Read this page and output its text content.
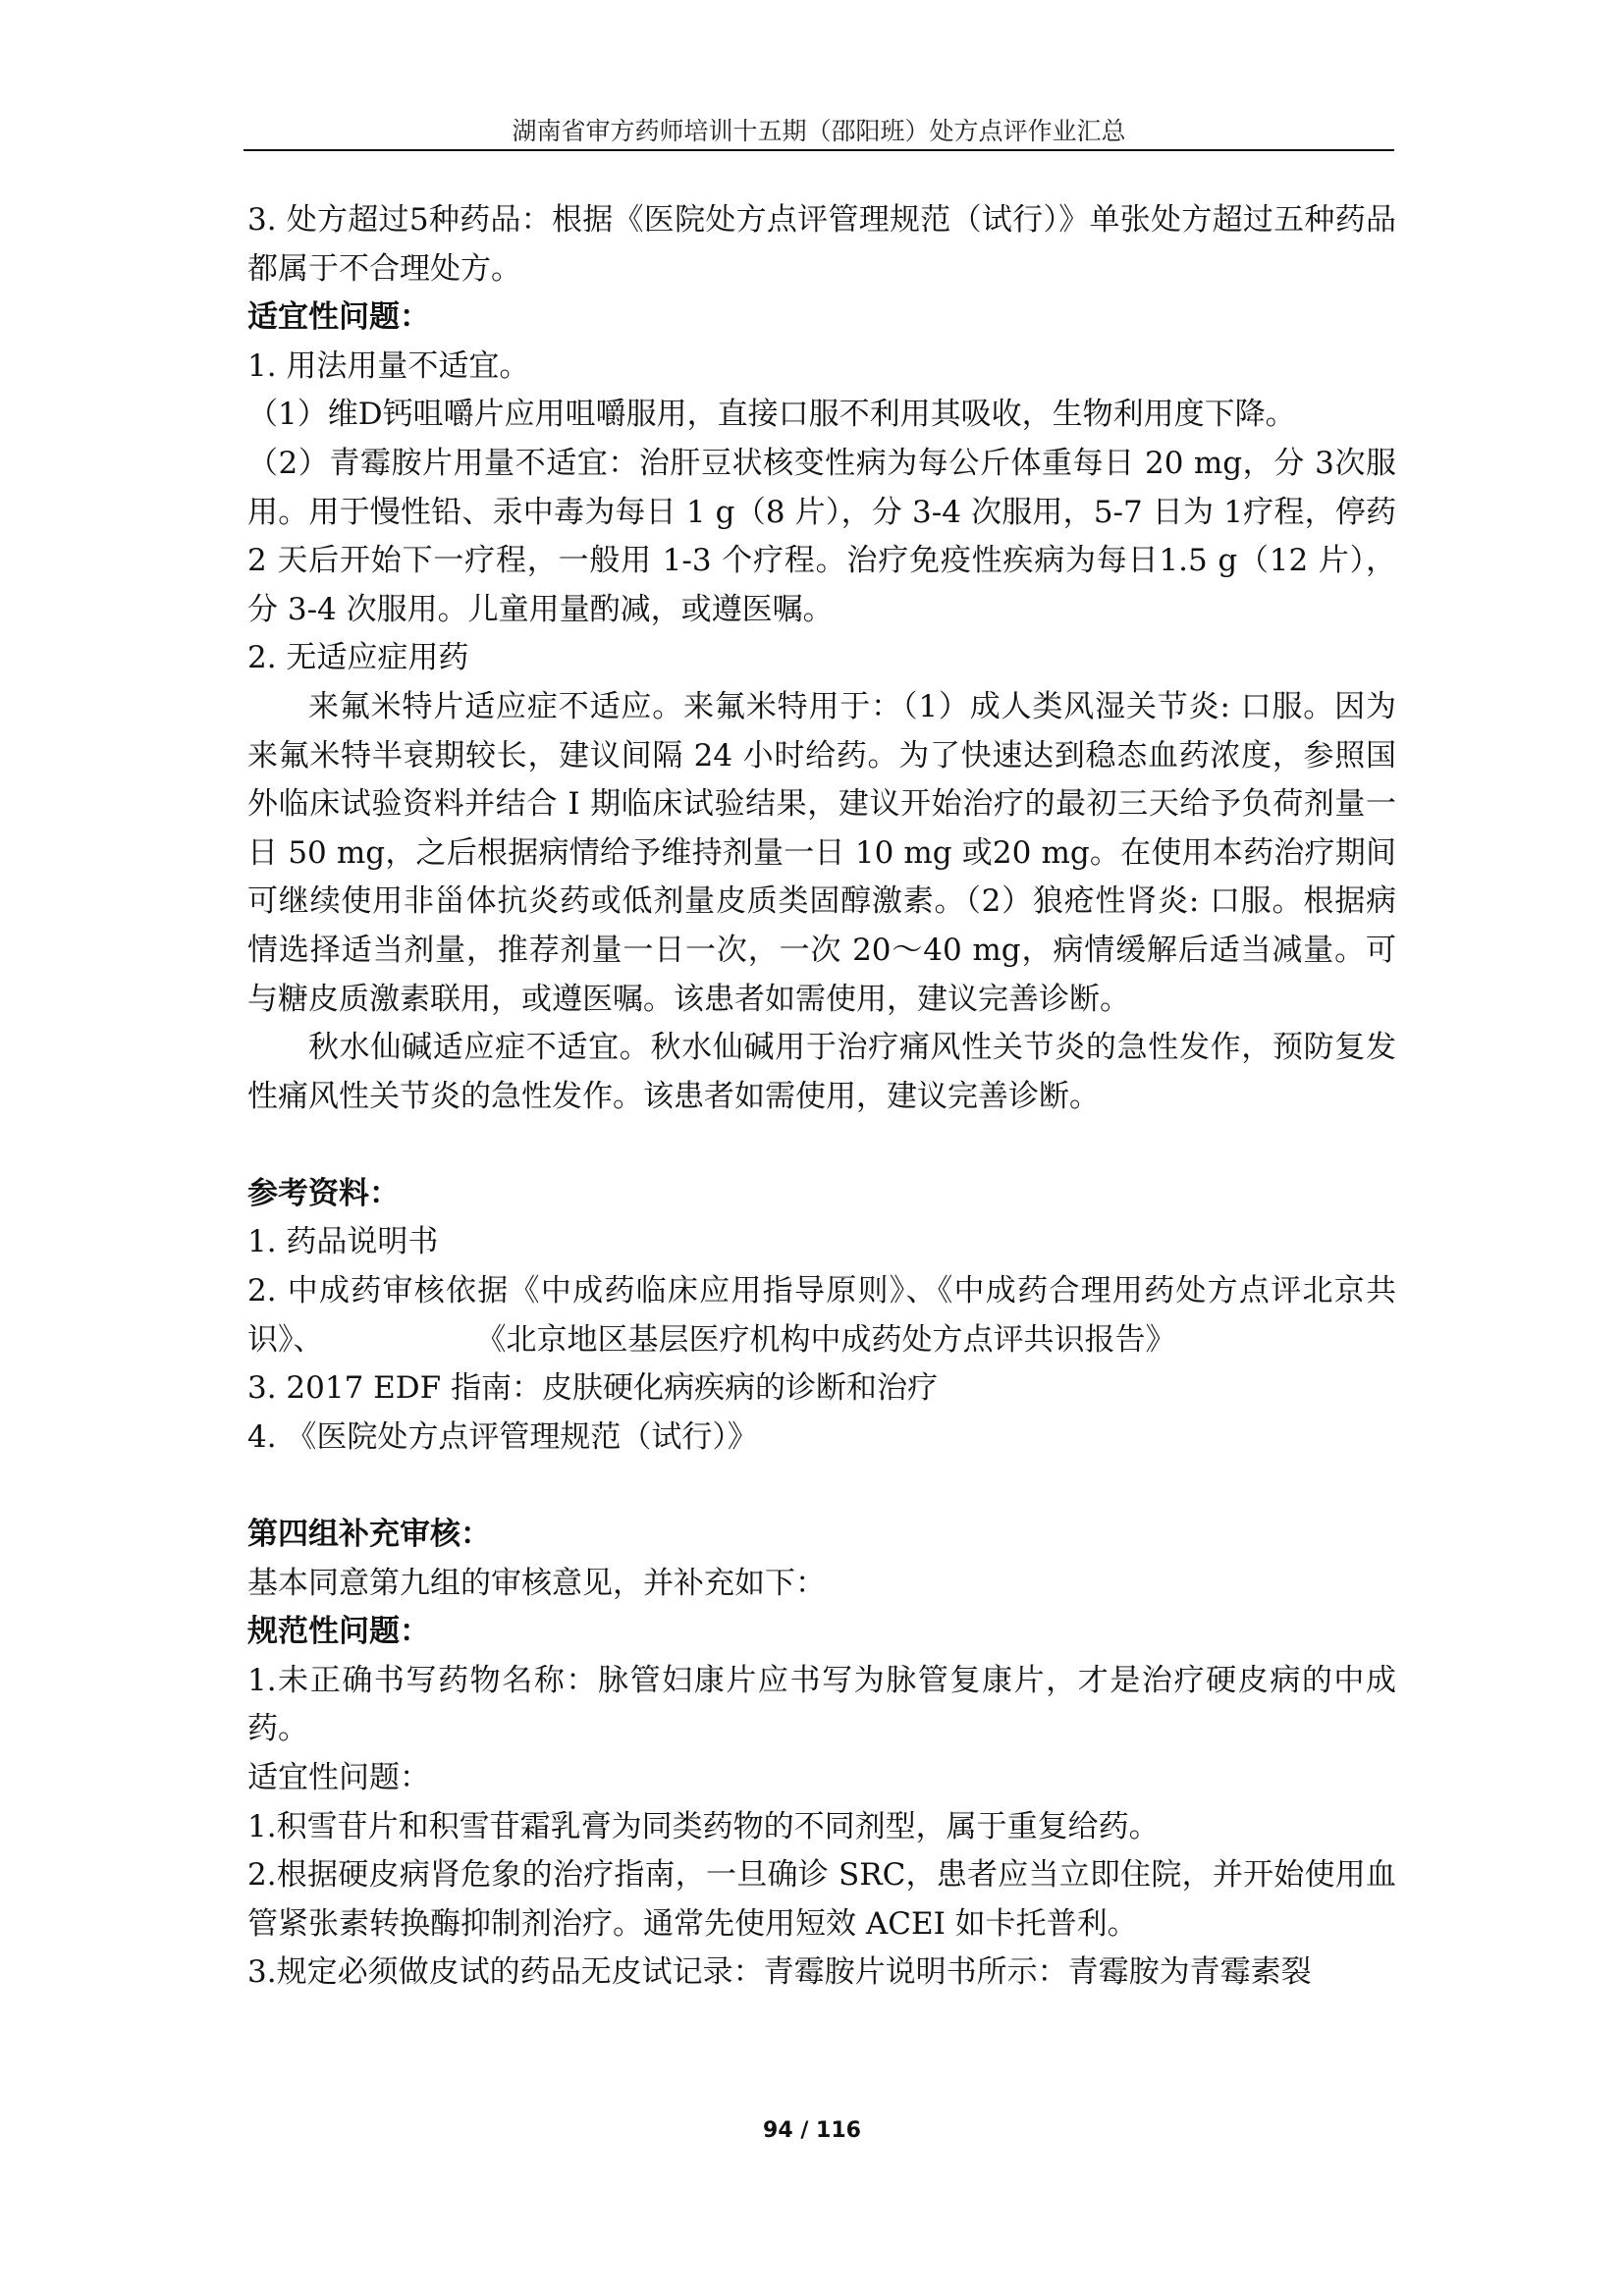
湖南省审方药师培训十五期（邵阳班）处方点评作业汇总

3. 处方超过5种药品：根据《医院处方点评管理规范（试行）》单张处方超过五种药品都属于不合理处方。

适宜性问题：

1. 用法用量不适宜。

（1）维D钙咀嚼片应用咀嚼服用，直接口服不利用其吸收，生物利用度下降。

（2）青霉胺片用量不适宜：治肝豆状核变性病为每公斤体重每日 20 mg，分 3次服用。用于慢性铅、汞中毒为每日 1 g（8 片），分 3-4 次服用，5-7 日为 1疗程，停药 2 天后开始下一疗程，一般用 1-3 个疗程。治疗免疫性疾病为每日1.5 g（12 片），分 3-4 次服用。儿童用量酌减，或遵医嘱。

2. 无适应症用药

来氟米特片适应症不适应。来氟米特用于：（1）成人类风湿关节炎: 口服。因为来氟米特半衰期较长，建议间隔 24 小时给药。为了快速达到稳态血药浓度，参照国外临床试验资料并结合 I 期临床试验结果，建议开始治疗的最初三天给予负荷剂量一日 50 mg，之后根据病情给予维持剂量一日 10 mg 或20 mg。在使用本药治疗期间可继续使用非甾体抗炎药或低剂量皮质类固醇激素。（2）狼疮性肾炎: 口服。根据病情选择适当剂量，推荐剂量一日一次，一次 20～40 mg，病情缓解后适当减量。可与糖皮质激素联用，或遵医嘱。该患者如需使用，建议完善诊断。

秋水仙碱适应症不适宜。秋水仙碱用于治疗痛风性关节炎的急性发作，预防复发性痛风性关节炎的急性发作。该患者如需使用，建议完善诊断。

参考资料：

1. 药品说明书

2. 中成药审核依据《中成药临床应用指导原则》、《中成药合理用药处方点评北京共识》、　　　　　　《北京地区基层医疗机构中成药处方点评共识报告》

3. 2017 EDF 指南：皮肤硬化病疾病的诊断和治疗

4. 《医院处方点评管理规范（试行）》

第四组补充审核：

基本同意第九组的审核意见，并补充如下：

规范性问题：

1.未正确书写药物名称：脉管妇康片应书写为脉管复康片，才是治疗硬皮病的中成药。

适宜性问题：

1.积雪苷片和积雪苷霜乳膏为同类药物的不同剂型，属于重复给药。

2.根据硬皮病肾危象的治疗指南，一旦确诊 SRC，患者应当立即住院，并开始使用血管紧张素转换酶抑制剂治疗。通常先使用短效 ACEI 如卡托普利。

3.规定必须做皮试的药品无皮试记录：青霉胺片说明书所示：青霉胺为青霉素裂

94 / 116
